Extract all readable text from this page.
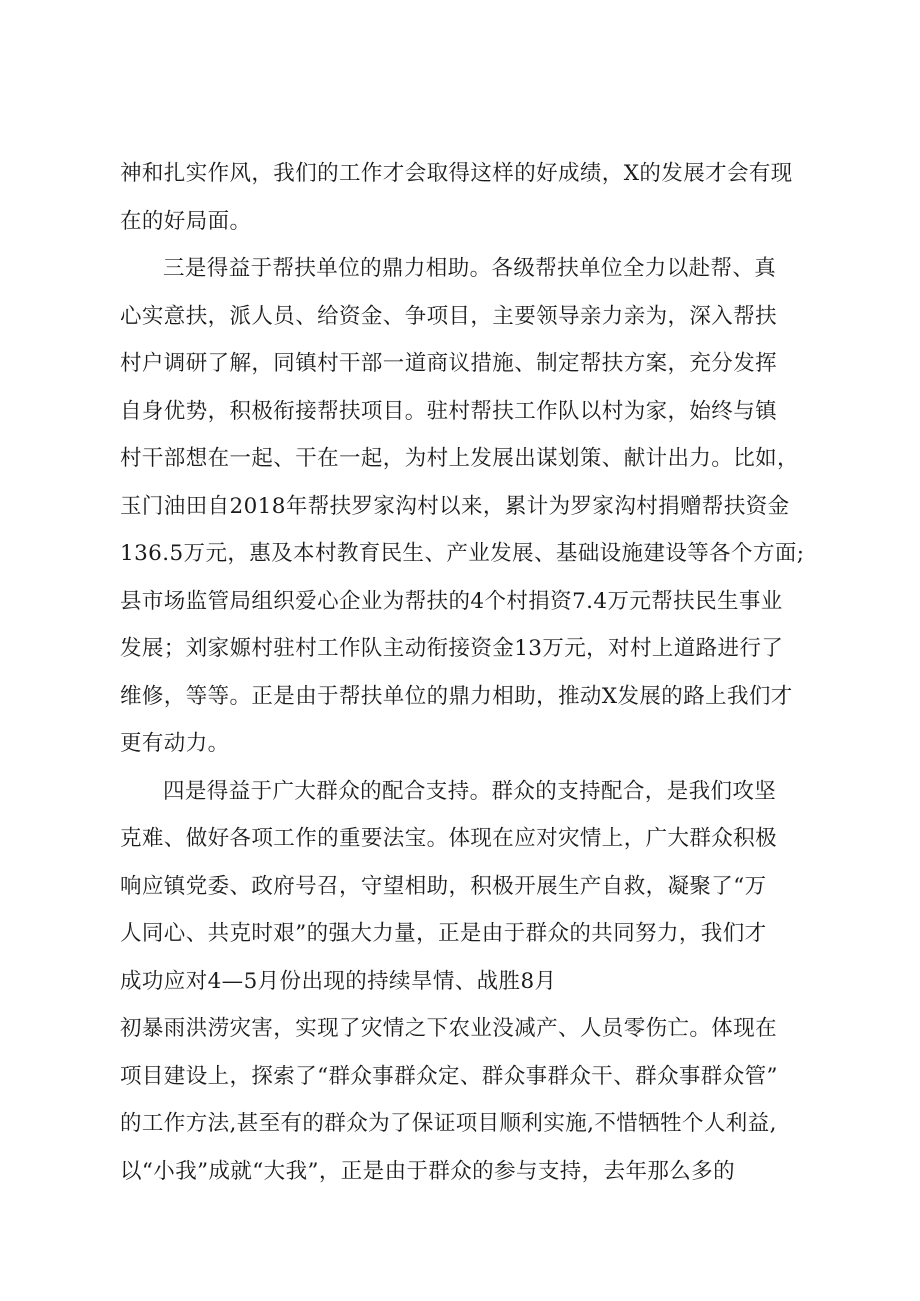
神和扎实作风，我们的工作才会取得这样的好成绩，X的发展才会有现
在的好局面。
三是得益于帮扶单位的鼎力相助。各级帮扶单位全力以赴帮、真
心实意扶，派人员、给资金、争项目，主要领导亲力亲为，深入帮扶
村户调研了解，同镇村干部一道商议措施、制定帮扶方案，充分发挥
自身优势，积极衔接帮扶项目。驻村帮扶工作队以村为家，始终与镇
村干部想在一起、干在一起，为村上发展出谋划策、献计出力。比如，
玉门油田自2018年帮扶罗家沟村以来，累计为罗家沟村捐赠帮扶资金
136.5万元，惠及本村教育民生、产业发展、基础设施建设等各个方面;
县市场监管局组织爱心企业为帮扶的4个村捐资7.4万元帮扶民生事业
发展；刘家嫄村驻村工作队主动衔接资金13万元，对村上道路进行了
维修，等等。正是由于帮扶单位的鼎力相助，推动X发展的路上我们才
更有动力。
四是得益于广大群众的配合支持。群众的支持配合，是我们攻坚
克难、做好各项工作的重要法宝。体现在应对灾情上，广大群众积极
响应镇党委、政府号召，守望相助，积极开展生产自救，凝聚了“万
人同心、共克时艰”的强大力量，正是由于群众的共同努力，我们才
成功应对4—5月份出现的持续旱情、战胜8月
初暴雨洪涝灾害，实现了灾情之下农业没减产、人员零伤亡。体现在
项目建设上，探索了“群众事群众定、群众事群众干、群众事群众管”
的工作方法,甚至有的群众为了保证项目顺利实施,不惜牺牲个人利益,
以“小我”成就“大我”，正是由于群众的参与支持，去年那么多的
